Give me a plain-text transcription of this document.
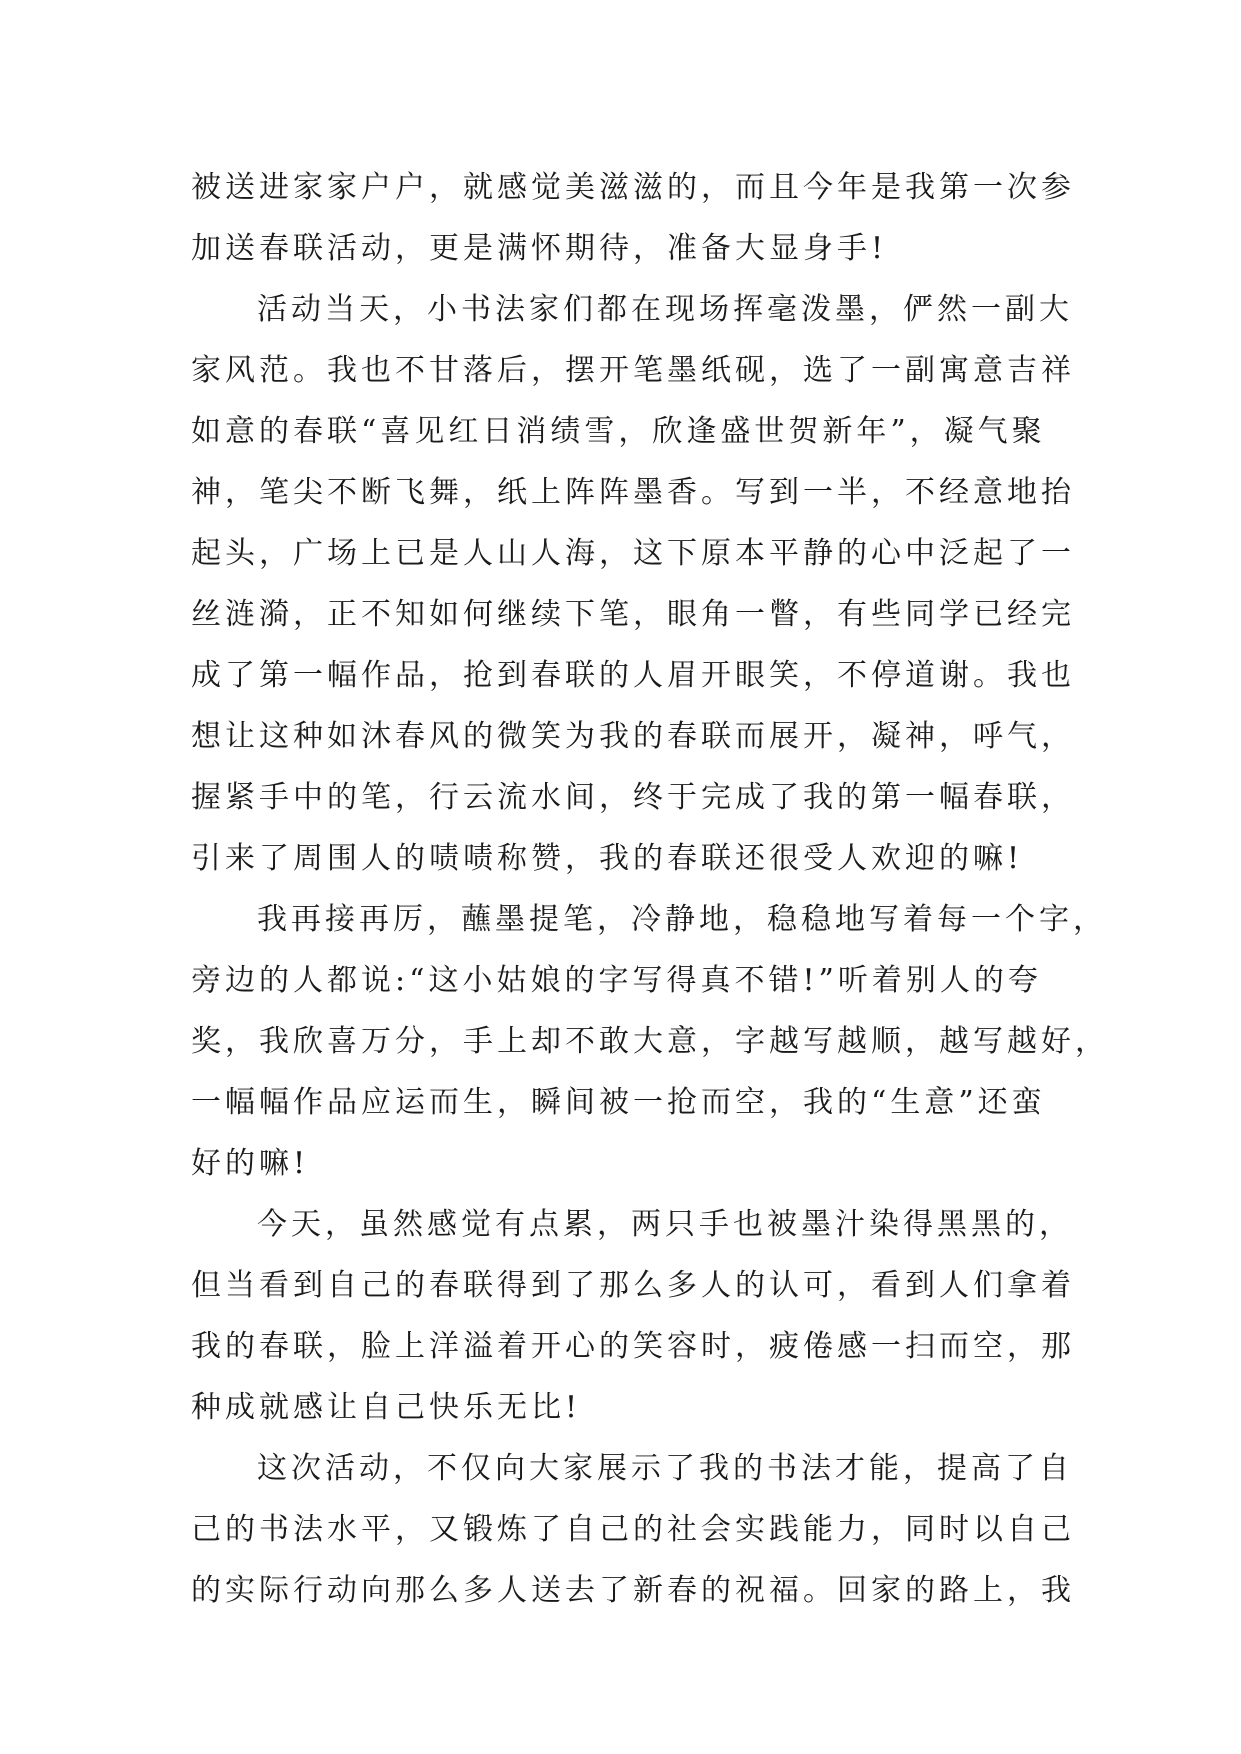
被送进家家户户，就感觉美滋滋的，而且今年是我第一次参
加送春联活动，更是满怀期待，准备大显身手!
活动当天，小书法家们都在现场挥毫泼墨，俨然一副大
家风范。我也不甘落后，摆开笔墨纸砚，选了一副寓意吉祥
如意的春联“喜见红日消绩雪，欣逢盛世贺新年”，凝气聚
神，笔尖不断飞舞，纸上阵阵墨香。写到一半，不经意地抬
起头，广场上已是人山人海，这下原本平静的心中泛起了一
丝涟漪，正不知如何继续下笔，眼角一瞥，有些同学已经完
成了第一幅作品，抢到春联的人眉开眼笑，不停道谢。我也
想让这种如沐春风的微笑为我的春联而展开，凝神，呼气，
握紧手中的笔，行云流水间，终于完成了我的第一幅春联，
引来了周围人的啧啧称赞，我的春联还很受人欢迎的嘛!
我再接再厉，蘸墨提笔，冷静地，稳稳地写着每一个字，
旁边的人都说:“这小姑娘的字写得真不错!”听着别人的夸
奖，我欣喜万分，手上却不敢大意，字越写越顺，越写越好，
一幅幅作品应运而生，瞬间被一抢而空，我的“生意”还蛮
好的嘛!
今天，虽然感觉有点累，两只手也被墨汁染得黑黑的，
但当看到自己的春联得到了那么多人的认可，看到人们拿着
我的春联，脸上洋溢着开心的笑容时，疲倦感一扫而空，那
种成就感让自己快乐无比!
这次活动，不仅向大家展示了我的书法才能，提高了自
己的书法水平，又锻炼了自己的社会实践能力，同时以自己
的实际行动向那么多人送去了新春的祝福。回家的路上，我
